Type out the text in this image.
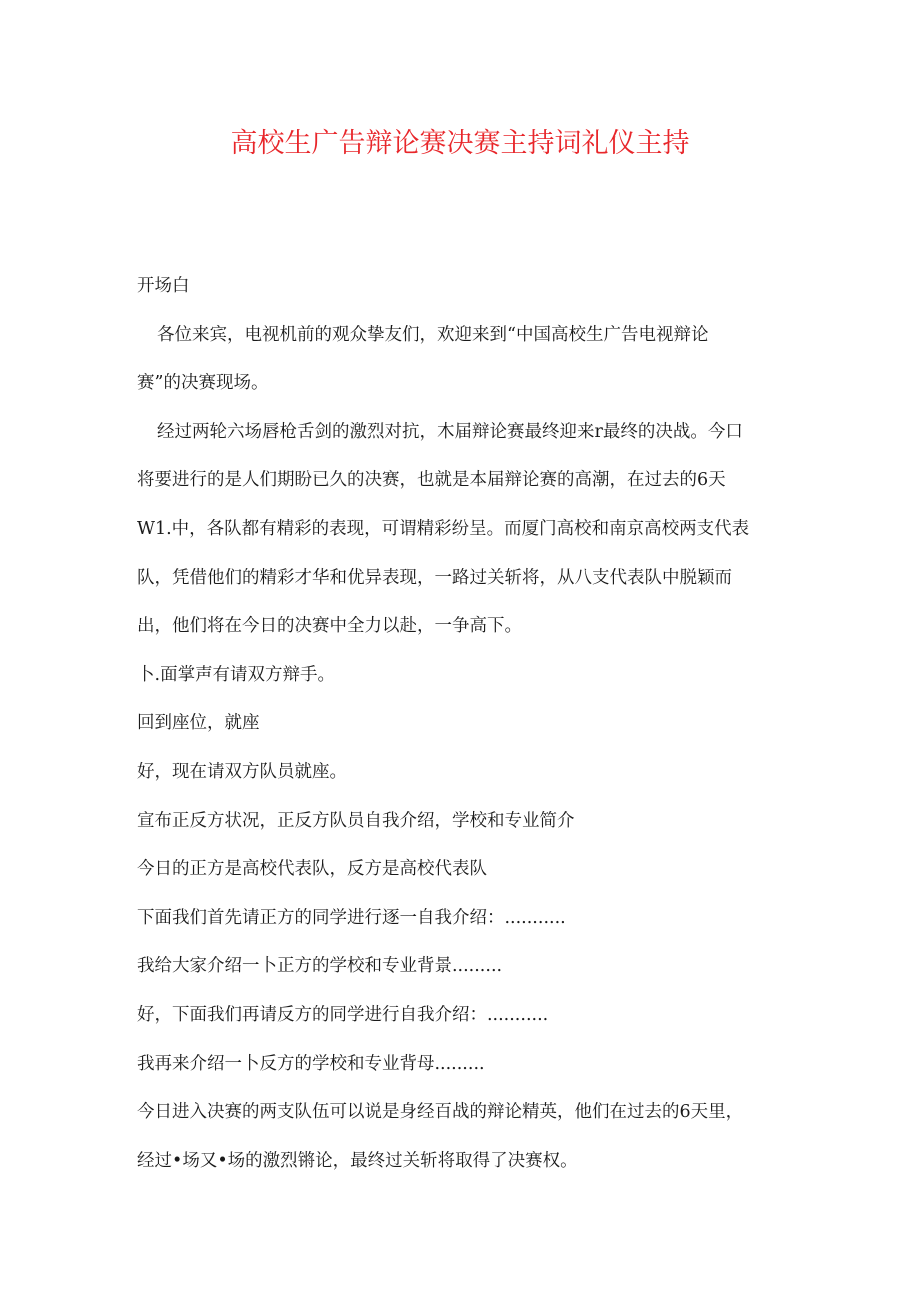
高校生广告辩论赛决赛主持词礼仪主持
开场白
各位来宾，电视机前的观众挚友们，欢迎来到“中国高校生广告电视辩论
赛”的决赛现场。
经过两轮六场唇枪舌剑的激烈对抗，木届辩论赛最终迎来r最终的决战。今口
将要进行的是人们期盼已久的决赛，也就是本届辩论赛的高潮，在过去的6天
W1.中，各队都有精彩的表现，可谓精彩纷呈。而厦门高校和南京高校两支代表
队，凭借他们的精彩才华和优异表现，一路过关斩将，从八支代表队中脱颖而
出，他们将在今日的决赛中全力以赴，一争高下。
卜.面掌声有请双方辩手。
回到座位，就座
好，现在请双方队员就座。
宣布正反方状况，正反方队员自我介绍，学校和专业简介
今日的正方是高校代表队，反方是高校代表队
下面我们首先请正方的同学进行逐一自我介绍：...........
我给大家介绍一卜正方的学校和专业背景.........
好，下面我们再请反方的同学进行自我介绍：...........
我再来介绍一卜反方的学校和专业背母.........
今日进入决赛的两支队伍可以说是身经百战的辩论精英，他们在过去的6天里，
经过•场又•场的激烈锵论，最终过关斩将取得了决赛权。
